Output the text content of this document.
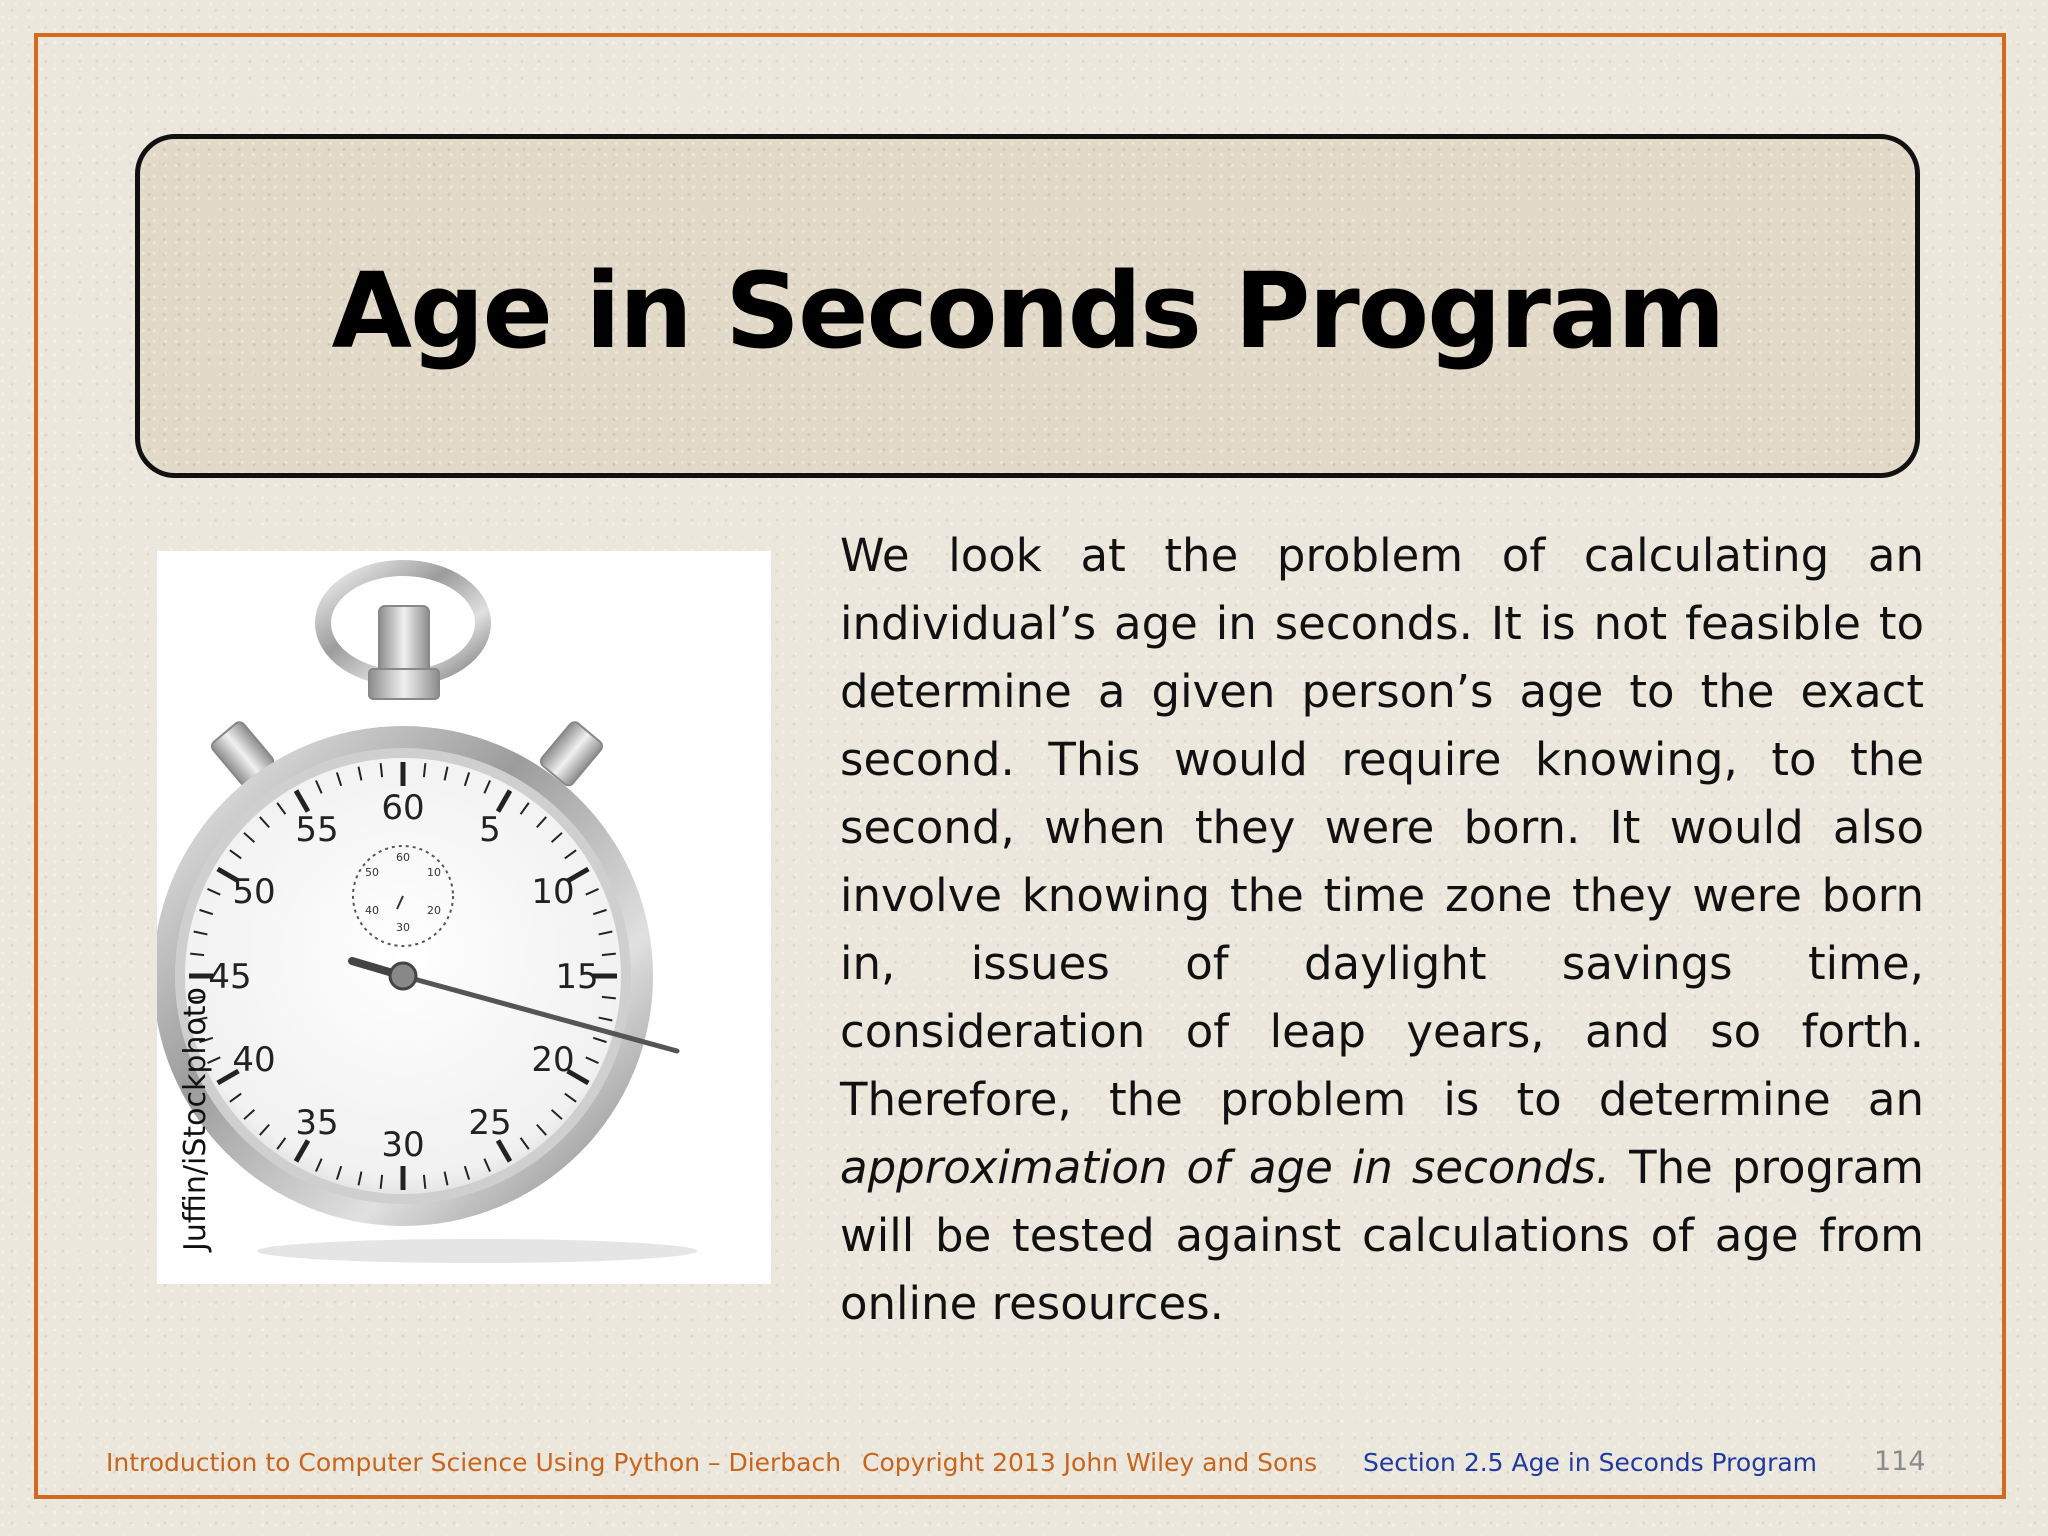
Age in Seconds Program
60
5
10
15
20
25
30
35
40
45
50
55
60
10
20
30
40
50
Juffin/iStockphoto
We look at the problem of calculating an individual’s age in seconds. It is not feasible to determine a given person’s age to the exact second. This would require knowing, to the second, when they were born. It would also involve knowing the time zone they were born in, issues of daylight savings time, consideration of leap years, and so forth. Therefore, the problem is to determine an approximation of age in seconds. The program will be tested against calculations of age from online resources.
Introduction to Computer Science Using Python – Dierbach Copyright 2013 John Wiley and Sons Section 2.5 Age in Seconds Program 114
